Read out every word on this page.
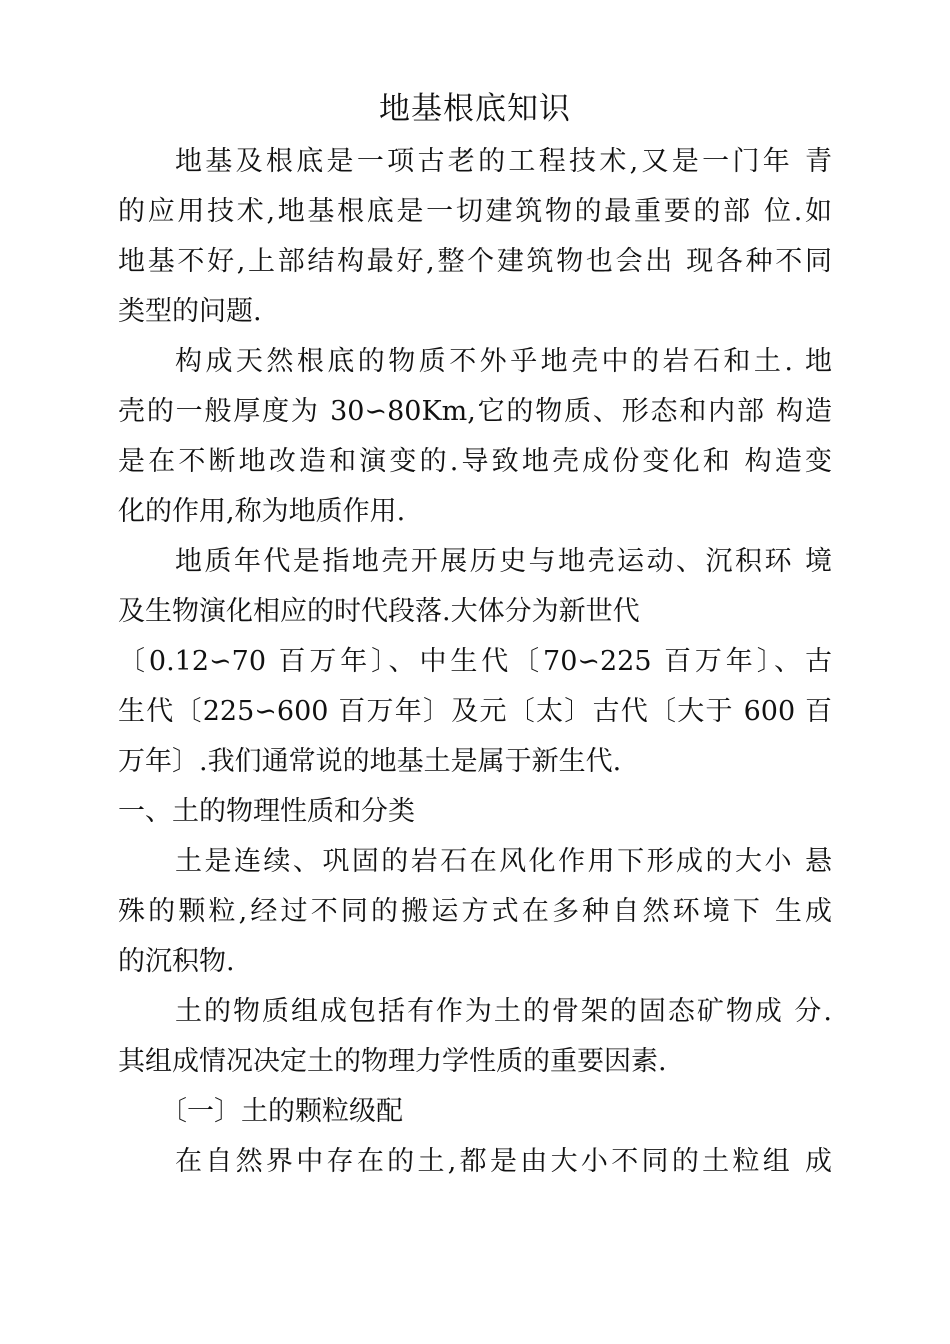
地基根底知识
地基及根底是一项古老的工程技术,又是一门年 青
的应用技术,地基根底是一切建筑物的最重要的部 位.如
地基不好,上部结构最好,整个建筑物也会出 现各种不同
类型的问题.
构成天然根底的物质不外乎地壳中的岩石和土. 地
壳的一般厚度为 30∽80Km,它的物质、形态和内部 构造
是在不断地改造和演变的.导致地壳成份变化和 构造变
化的作用,称为地质作用.
地质年代是指地壳开展历史与地壳运动、沉积环 境
及生物演化相应的时代段落.大体分为新世代
〔0.12∽70 百万年〕、中生代〔70∽225 百万年〕、古
生代〔225∽600 百万年〕及元〔太〕古代〔大于 600 百
万年〕.我们通常说的地基土是属于新生代.
一、土的物理性质和分类
土是连续、巩固的岩石在风化作用下形成的大小 悬
殊的颗粒,经过不同的搬运方式在多种自然环境下 生成
的沉积物.
土的物质组成包括有作为土的骨架的固态矿物成 分.
其组成情况决定土的物理力学性质的重要因素.
〔一〕土的颗粒级配
在自然界中存在的土,都是由大小不同的土粒组 成
